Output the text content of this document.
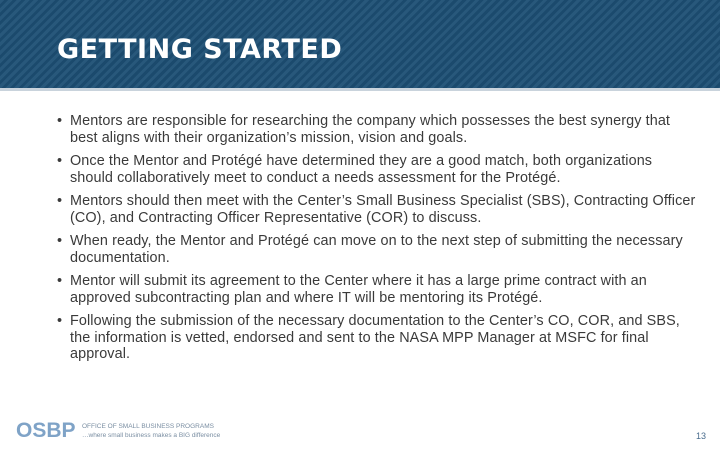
GETTING STARTED
• Mentors are responsible for researching the company which possesses the best synergy that best aligns with their organization’s mission, vision and goals.
• Once the Mentor and Protégé have determined they are a good match, both organizations should collaboratively meet to conduct a needs assessment for the Protégé.
• Mentors should then meet with the Center’s Small Business Specialist (SBS), Contracting Officer (CO), and Contracting Officer Representative (COR) to discuss.
• When ready, the Mentor and Protégé can move on to the next step of submitting the necessary documentation.
• Mentor will submit its agreement to the Center where it has a large prime contract with an approved subcontracting plan and where IT will be mentoring its Protégé.
• Following the submission of the necessary documentation to the Center’s CO, COR, and SBS, the information is vetted, endorsed and sent to the NASA MPP Manager at MSFC for final approval.
OSBP OFFICE OF SMALL BUSINESS PROGRAMS
…where small business makes a BIG difference	13
